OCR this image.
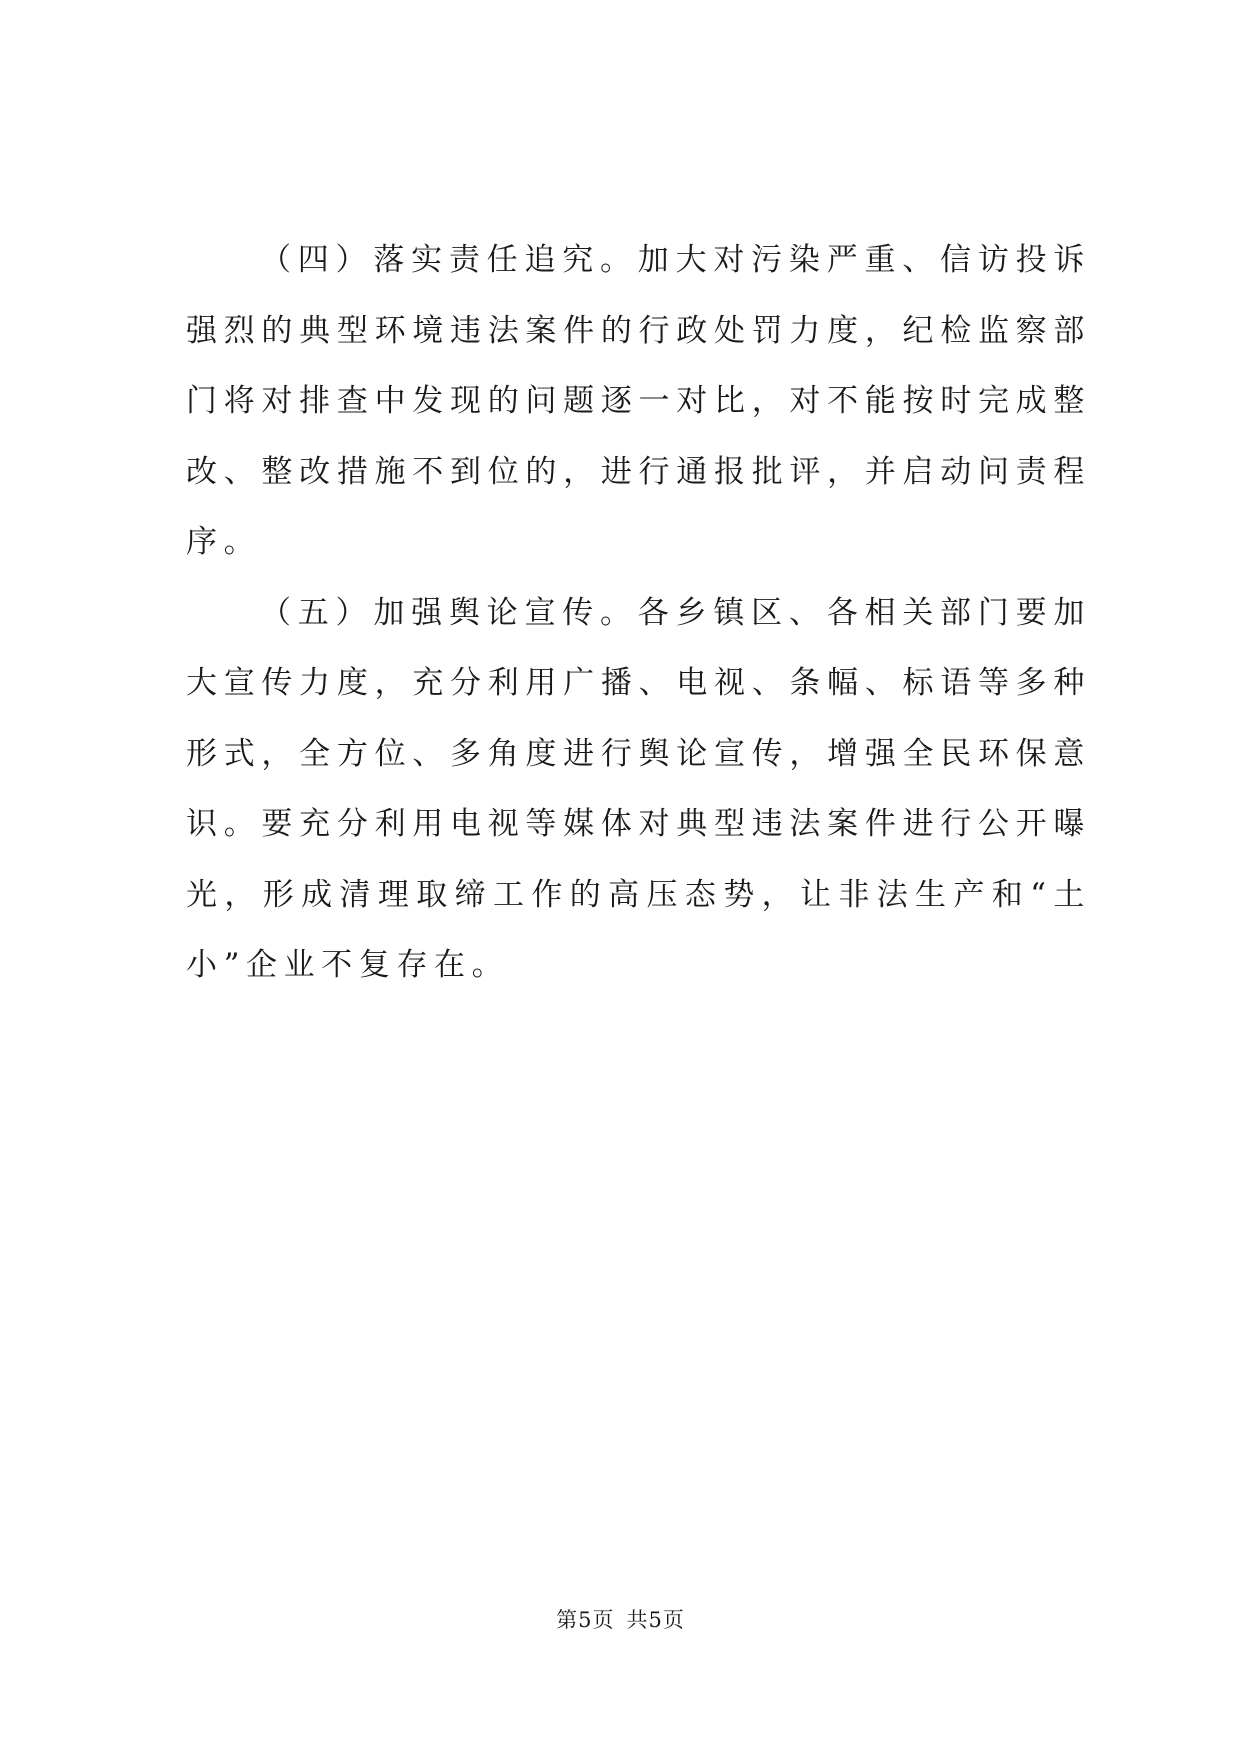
（四）落实责任追究。加大对污染严重、信访投诉强烈的典型环境违法案件的行政处罚力度，纪检监察部门将对排查中发现的问题逐一对比，对不能按时完成整改、整改措施不到位的，进行通报批评，并启动问责程序。

（五）加强舆论宣传。各乡镇区、各相关部门要加大宣传力度，充分利用广播、电视、条幅、标语等多种形式，全方位、多角度进行舆论宣传，增强全民环保意识。要充分利用电视等媒体对典型违法案件进行公开曝光，形成清理取缔工作的高压态势，让非法生产和“土小”企业不复存在。

第5页 共5页
